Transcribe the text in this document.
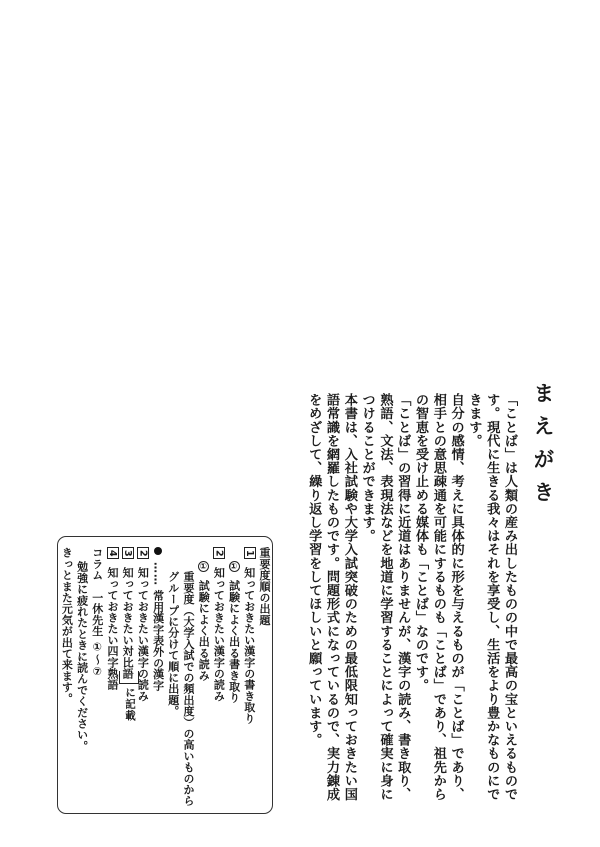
まえがき

「ことば」は人類の産み出したものの中で最高の宝といえるものです。現代に生きる我々はそれを享受し、生活をより豊かなものにできます。

自分の感情、考えに具体的に形を与えるものが「ことば」であり、相手との意思疎通を可能にするものも「ことば」であり、祖先からの智恵を受け止める媒体も「ことば」なのです。

「ことば」の習得に近道はありませんが、漢字の読み、書き取り、熟語、文法、表現法などを地道に学習することによって確実に身につけることができます。

本書は、入社試験や大学入試突破のための最低限知っておきたい国語常識を網羅したものです。問題形式になっているので、実力錬成をめざして、繰り返し学習をしてほしいと願っています。

重要度順の出題
1 知っておきたい漢字の書き取り
① 試験によく出る書き取り
2 知っておきたい漢字の読み
① 試験によく出る読み
重要度（大学入試での頻出度）の高いものから
グループに分けて順に出題。
…… 常用漢字表外の漢字
2 知っておきたい漢字の読み
3 知っておきたい対比語
4 知っておきたい四字熟語
コラム　一休先生 ①〜⑦
勉強に疲れたときに読んでください。
きっとまた元気が出て来ます。
に記載
